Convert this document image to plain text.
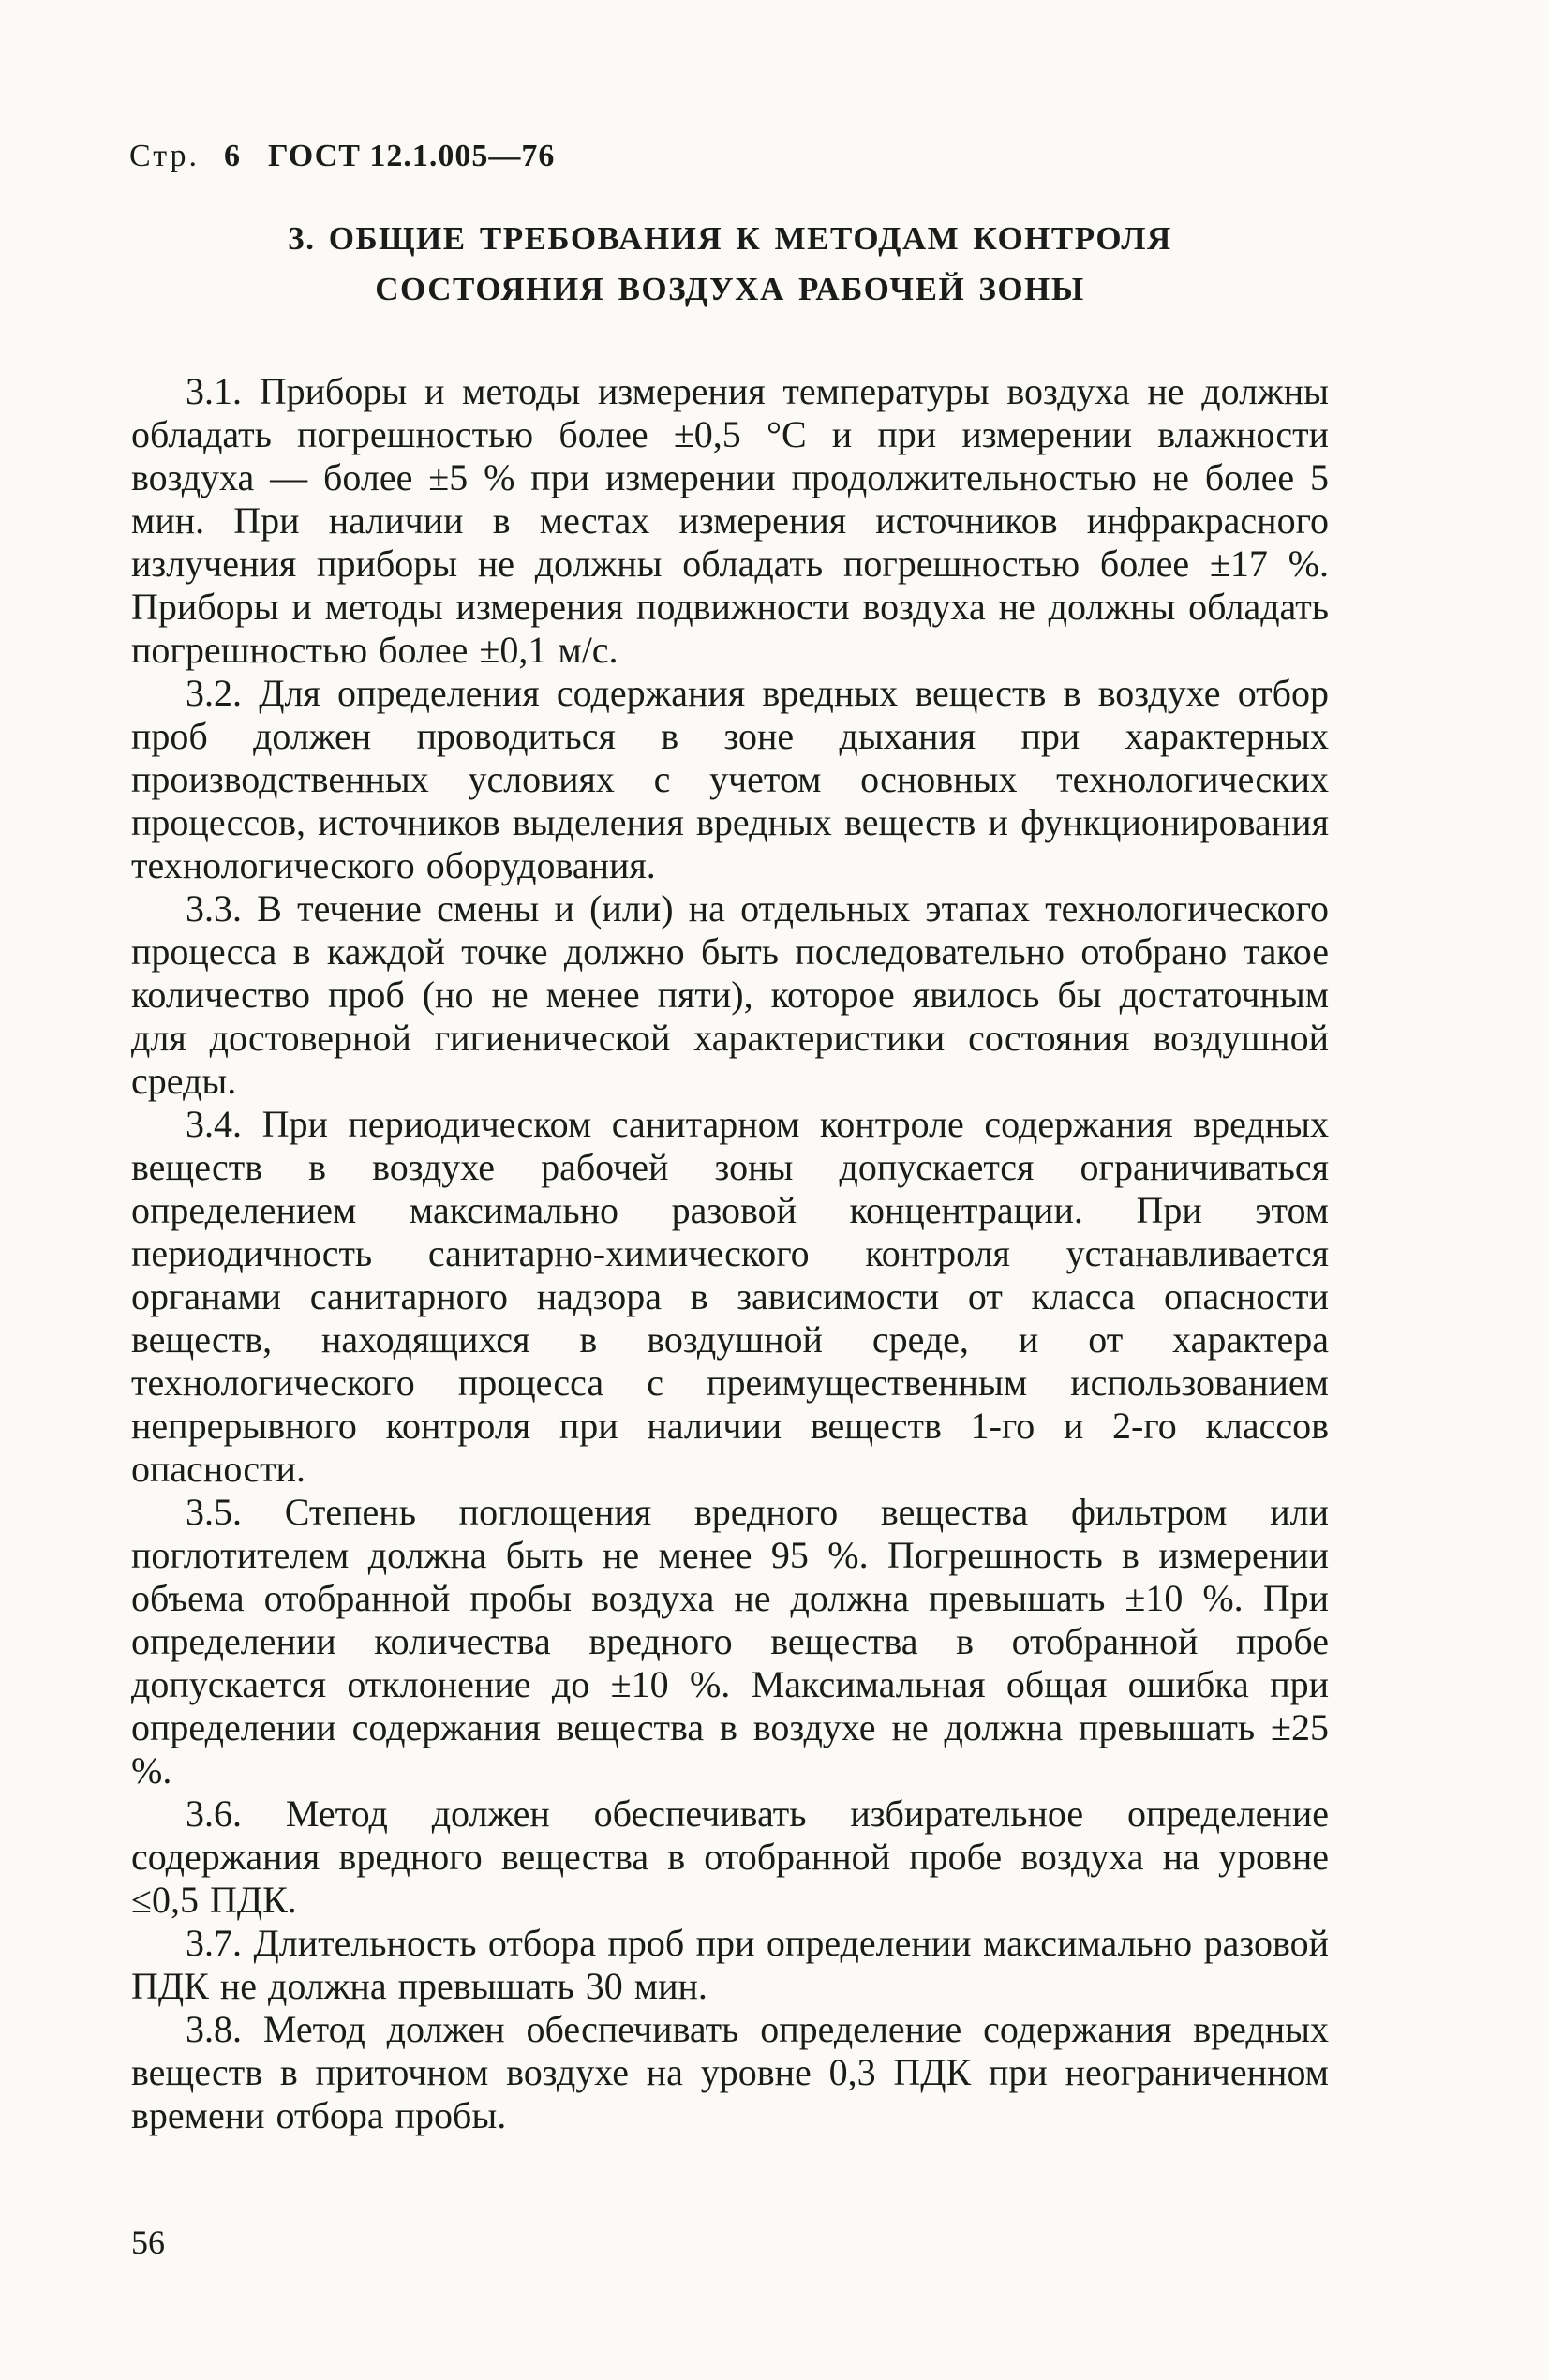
Стр. 6 ГОСТ 12.1.005—76
3. ОБЩИЕ ТРЕБОВАНИЯ К МЕТОДАМ КОНТРОЛЯ
СОСТОЯНИЯ ВОЗДУХА РАБОЧЕЙ ЗОНЫ

3.1. Приборы и методы измерения температуры воздуха не должны обладать погрешностью более ±0,5 °С и при измерении влажности воздуха — более ±5 % при измерении продолжительностью не более 5 мин. При наличии в местах измерения источников инфракрасного излучения приборы не должны обладать погрешностью более ±17 %. Приборы и методы измерения подвижности воздуха не должны обладать погрешностью более ±0,1 м/с.

3.2. Для определения содержания вредных веществ в воздухе отбор проб должен проводиться в зоне дыхания при характерных производственных условиях с учетом основных технологических процессов, источников выделения вредных веществ и функционирования технологического оборудования.

3.3. В течение смены и (или) на отдельных этапах технологического процесса в каждой точке должно быть последовательно отобрано такое количество проб (но не менее пяти), которое явилось бы достаточным для достоверной гигиенической характеристики состояния воздушной среды.

3.4. При периодическом санитарном контроле содержания вредных веществ в воздухе рабочей зоны допускается ограничиваться определением максимально разовой концентрации. При этом периодичность санитарно-химического контроля устанавливается органами санитарного надзора в зависимости от класса опасности веществ, находящихся в воздушной среде, и от характера технологического процесса с преимущественным использованием непрерывного контроля при наличии веществ 1-го и 2-го классов опасности.

3.5. Степень поглощения вредного вещества фильтром или поглотителем должна быть не менее 95 %. Погрешность в измерении объема отобранной пробы воздуха не должна превышать ±10 %. При определении количества вредного вещества в отобранной пробе допускается отклонение до ±10 %. Максимальная общая ошибка при определении содержания вещества в воздухе не должна превышать ±25 %.

3.6. Метод должен обеспечивать избирательное определение содержания вредного вещества в отобранной пробе воздуха на уровне ≤0,5 ПДК.

3.7. Длительность отбора проб при определении максимально разовой ПДК не должна превышать 30 мин.

3.8. Метод должен обеспечивать определение содержания вредных веществ в приточном воздухе на уровне 0,3 ПДК при неограниченном времени отбора пробы.

56
